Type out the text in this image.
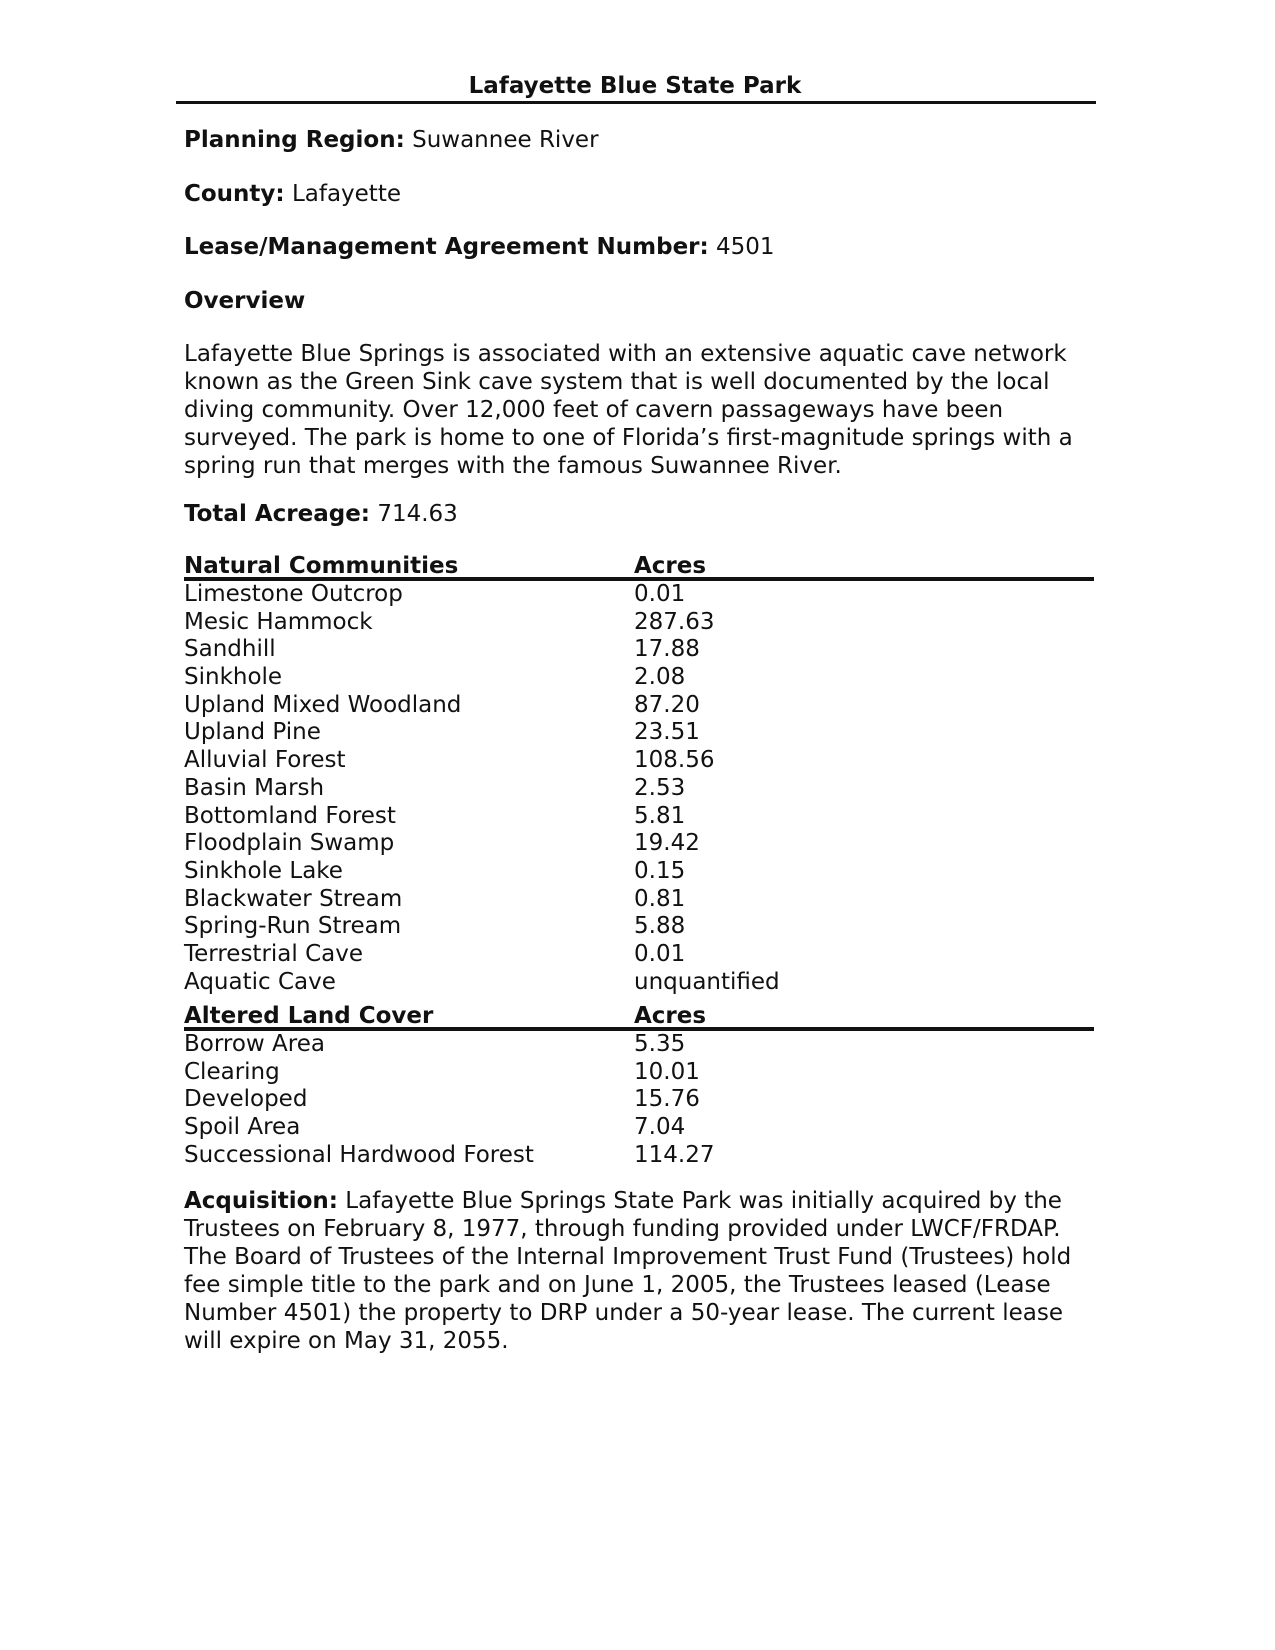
Lafayette Blue State Park
Planning Region: Suwannee River
County: Lafayette
Lease/Management Agreement Number: 4501
Overview
Lafayette Blue Springs is associated with an extensive aquatic cave network known as the Green Sink cave system that is well documented by the local diving community. Over 12,000 feet of cavern passageways have been surveyed. The park is home to one of Florida’s first-magnitude springs with a spring run that merges with the famous Suwannee River.
Total Acreage: 714.63
Natural Communities	Acres
Limestone Outcrop	0.01
Mesic Hammock	287.63
Sandhill	17.88
Sinkhole	2.08
Upland Mixed Woodland	87.20
Upland Pine	23.51
Alluvial Forest	108.56
Basin Marsh	2.53
Bottomland Forest	5.81
Floodplain Swamp	19.42
Sinkhole Lake	0.15
Blackwater Stream	0.81
Spring-Run Stream	5.88
Terrestrial Cave	0.01
Aquatic Cave	unquantified
Altered Land Cover	Acres
Borrow Area	5.35
Clearing	10.01
Developed	15.76
Spoil Area	7.04
Successional Hardwood Forest	114.27
Acquisition: Lafayette Blue Springs State Park was initially acquired by the Trustees on February 8, 1977, through funding provided under LWCF/FRDAP. The Board of Trustees of the Internal Improvement Trust Fund (Trustees) hold fee simple title to the park and on June 1, 2005, the Trustees leased (Lease Number 4501) the property to DRP under a 50-year lease. The current lease will expire on May 31, 2055.
